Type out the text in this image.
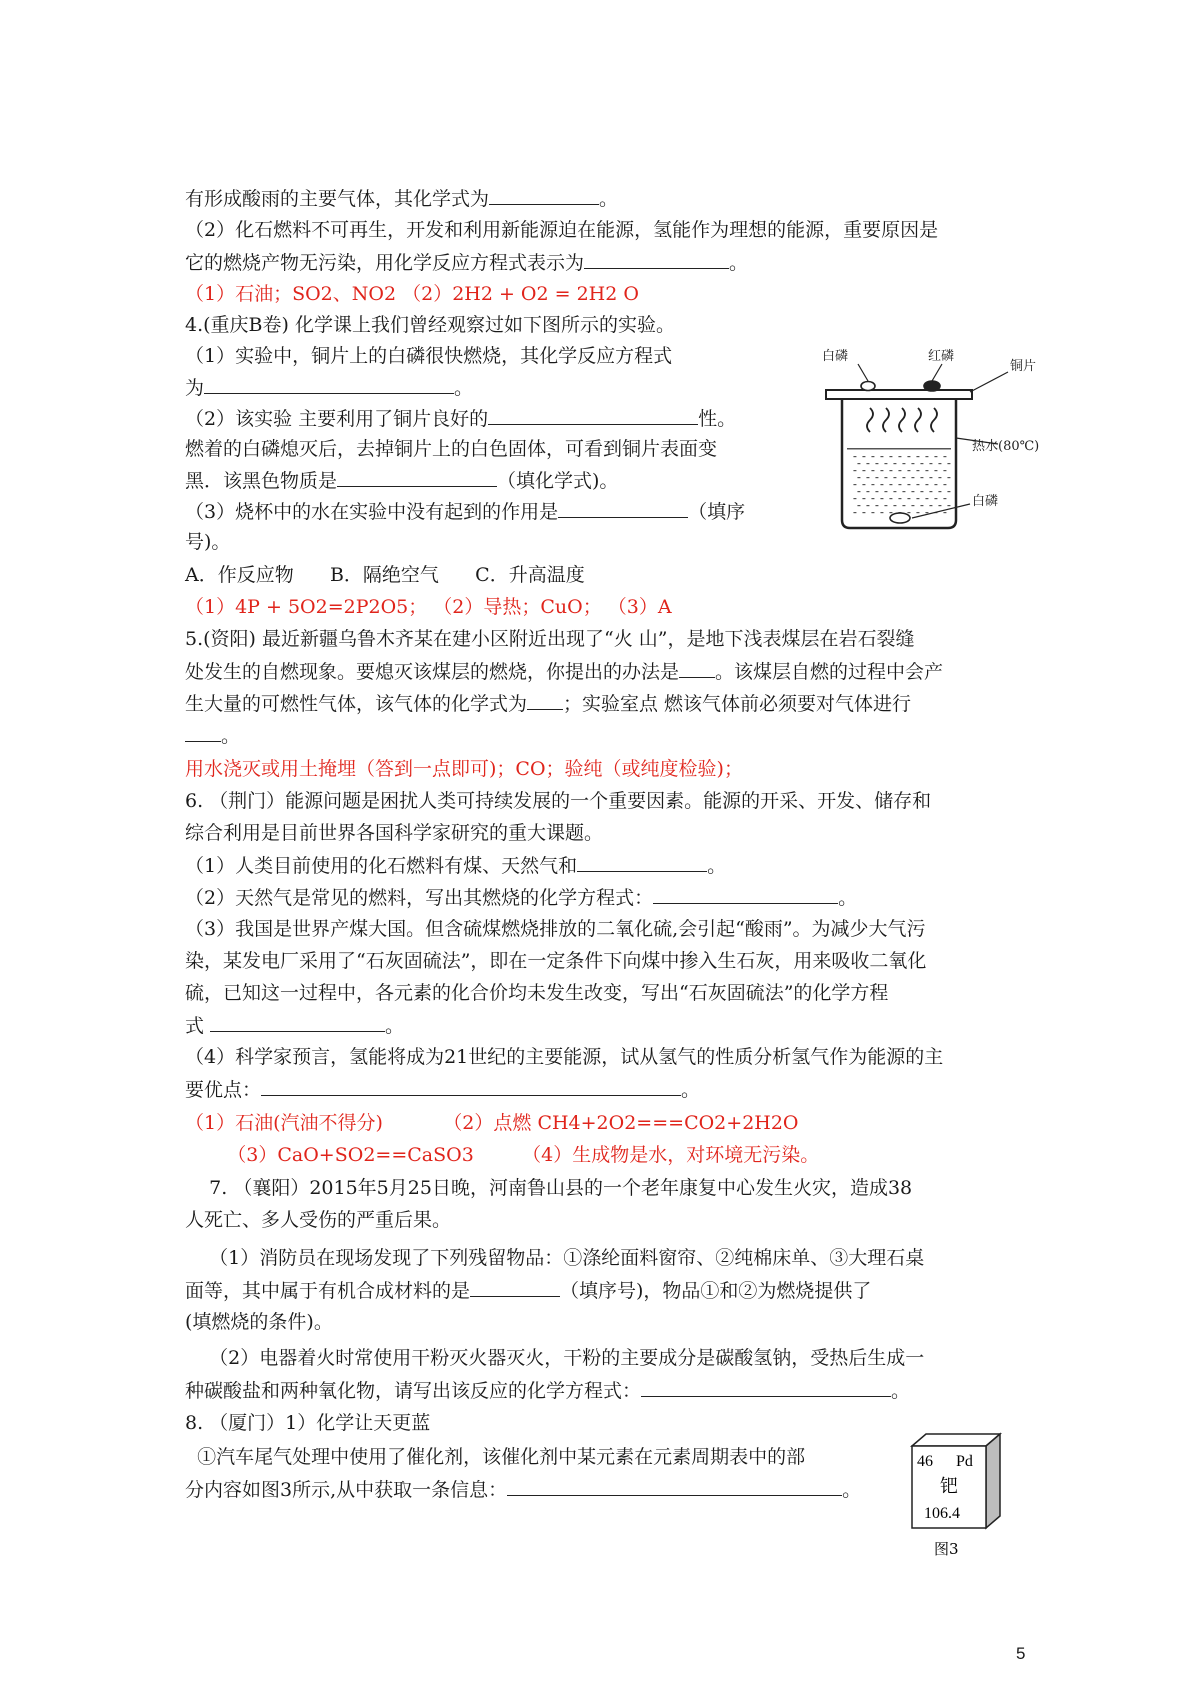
有形成酸雨的主要气体，其化学式为	。
（2）化石燃料不可再生，开发和利用新能源迫在能源，氢能作为理想的能源，重要原因是
它的燃烧产物无污染，用化学反应方程式表示为	。
（1）石油；SO2、NO2 （2）2H2 + O2 = 2H2 O
4.(重庆B卷) 化学课上我们曾经观察过如下图所示的实验。
（1）实验中，铜片上的白磷很快燃烧，其化学反应方程式
为	。
（2）该实验 主要利用了铜片良好的	性。
燃着的白磷熄灭后，去掉铜片上的白色固体，可看到铜片表面变
黑．该黑色物质是	（填化学式)。
（3）烧杯中的水在实验中没有起到的作用是	（填序
号)。
A．作反应物      B．隔绝空气      C．升高温度
（1）4P + 5O2=2P2O5； （2）导热；CuO； （3）A
5.(资阳) 最近新疆乌鲁木齐某在建小区附近出现了“火 山”，是地下浅表煤层在岩石裂缝
处发生的自燃现象。要熄灭该煤层的燃烧，你提出的办法是 。该煤层自燃的过程中会产
生大量的可燃性气体，该气体的化学式为 ；实验室点 燃该气体前必须要对气体进行
。
用水浇灭或用土掩埋（答到一点即可)；CO；验纯（或纯度检验)；
6. （荆门）能源问题是困扰人类可持续发展的一个重要因素。能源的开采、开发、储存和
综合利用是目前世界各国科学家研究的重大课题。
（1）人类目前使用的化石燃料有煤、天然气和	。
（2）天然气是常见的燃料，写出其燃烧的化学方程式：	。
（3）我国是世界产煤大国。但含硫煤燃烧排放的二氧化硫,会引起“酸雨”。为减少大气污
染，某发电厂采用了“石灰固硫法”，即在一定条件下向煤中掺入生石灰，用来吸收二氧化
硫，已知这一过程中，各元素的化合价均未发生改变，写出“石灰固硫法”的化学方程
式	。
（4）科学家预言，氢能将成为21世纪的主要能源，试从氢气的性质分析氢气作为能源的主
要优点：	。
（1）石油(汽油不得分)          （2）点燃 CH4+2O2===CO2+2H2O
（3）CaO+SO2==CaSO3        （4）生成物是水，对环境无污染。
7. （襄阳）2015年5月25日晚，河南鲁山县的一个老年康复中心发生火灾，造成38
人死亡、多人受伤的严重后果。
（1）消防员在现场发现了下列残留物品：①涤纶面料窗帘、②纯棉床单、③大理石桌
面等，其中属于有机合成材料的是	（填序号)，物品①和②为燃烧提供了
(填燃烧的条件)。
（2）电器着火时常使用干粉灭火器灭火，干粉的主要成分是碳酸氢钠，受热后生成一
种碳酸盐和两种氧化物，请写出该反应的化学方程式：	。
8. （厦门）1）化学让天更蓝
①汽车尾气处理中使用了催化剂，该催化剂中某元素在元素周期表中的部
分内容如图3所示,从中获取一条信息：	。
白磷	红磷
铜片
热水(80℃)
白磷
46 Pd
钯
106.4
图3
5
